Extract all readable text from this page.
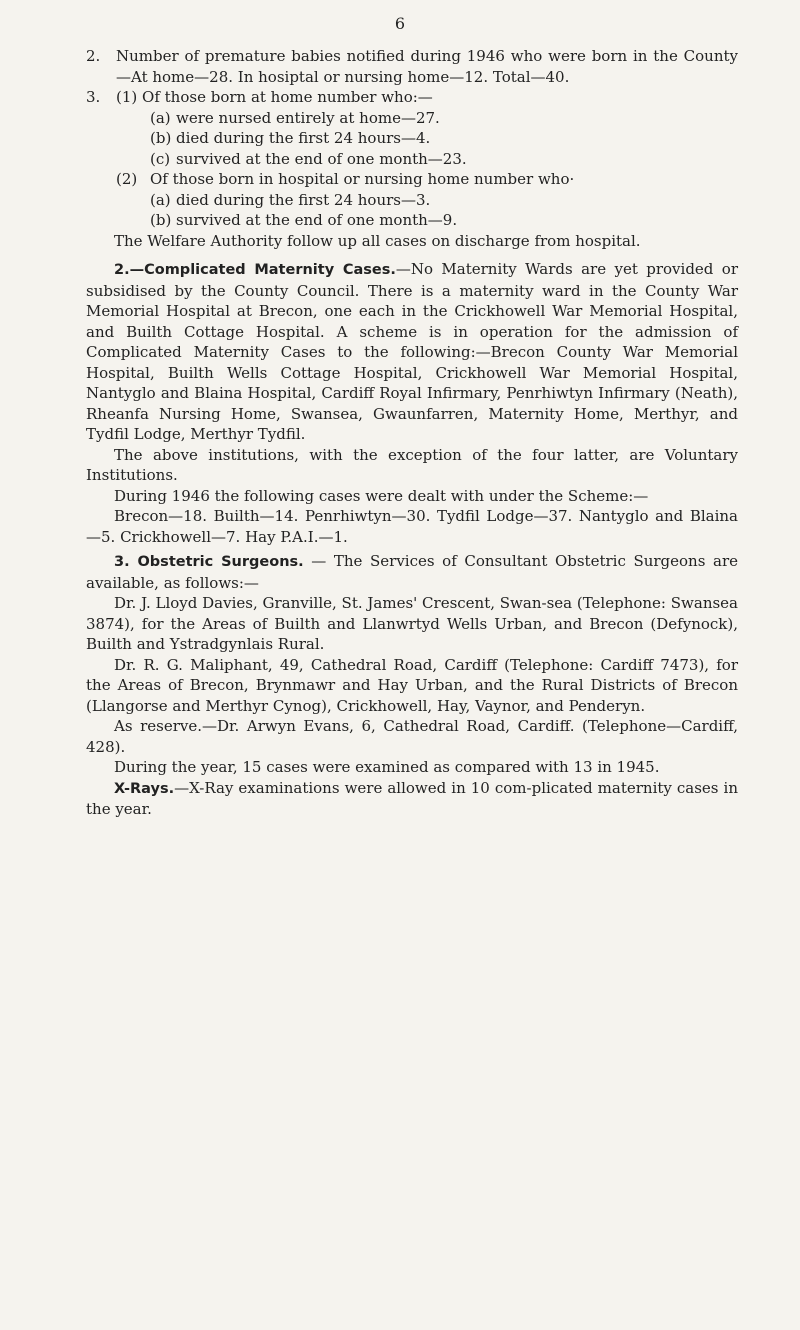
6
2.	Number of premature babies notified during 1946 who were born in the County—At home—28. In hosiptal or nursing home—12. Total—40.
3.	(1) Of those born at home number who:—
(a) were nursed entirely at home—27.
(b) died during the first 24 hours—4.
(c) survived at the end of one month—23.
(2) Of those born in hospital or nursing home number who·
(a) died during the first 24 hours—3.
(b) survived at the end of one month—9.

The Welfare Authority follow up all cases on discharge from hospital.

2.—Complicated Maternity Cases.—No Maternity Wards are yet provided or subsidised by the County Council. There is a maternity ward in the County War Memorial Hospital at Brecon, one each in the Crickhowell War Memorial Hospital, and Builth Cottage Hospital. A scheme is in operation for the admission of Complicated Maternity Cases to the following:—Brecon County War Memorial Hospital, Builth Wells Cottage Hospital, Crickhowell War Memorial Hospital, Nantyglo and Blaina Hospital, Cardiff Royal Infirmary, Penrhiwtyn Infirmary (Neath), Rheanfa Nursing Home, Swansea, Gwaunfarren, Maternity Home, Merthyr, and Tydfil Lodge, Merthyr Tydfil.

The above institutions, with the exception of the four latter, are Voluntary Institutions.

During 1946 the following cases were dealt with under the Scheme:—

Brecon—18. Builth—14. Penrhiwtyn—30. Tydfil Lodge—37. Nantyglo and Blaina—5. Crickhowell—7. Hay P.A.I.—1.

3. Obstetric Surgeons. — The Services of Consultant Obstetric Surgeons are available, as follows:—

Dr. J. Lloyd Davies, Granville, St. James' Crescent, Swan-sea (Telephone: Swansea 3874), for the Areas of Builth and Llanwrtyd Wells Urban, and Brecon (Defynock), Builth and Ystradgynlais Rural.

Dr. R. G. Maliphant, 49, Cathedral Road, Cardiff (Telephone: Cardiff 7473), for the Areas of Brecon, Brynmawr and Hay Urban, and the Rural Districts of Brecon (Llangorse and Merthyr Cynog), Crickhowell, Hay, Vaynor, and Penderyn.

As reserve.—Dr. Arwyn Evans, 6, Cathedral Road, Cardiff. (Telephone—Cardiff, 428).

During the year, 15 cases were examined as compared with 13 in 1945.

X-Rays.—X-Ray examinations were allowed in 10 com-plicated maternity cases in the year.
